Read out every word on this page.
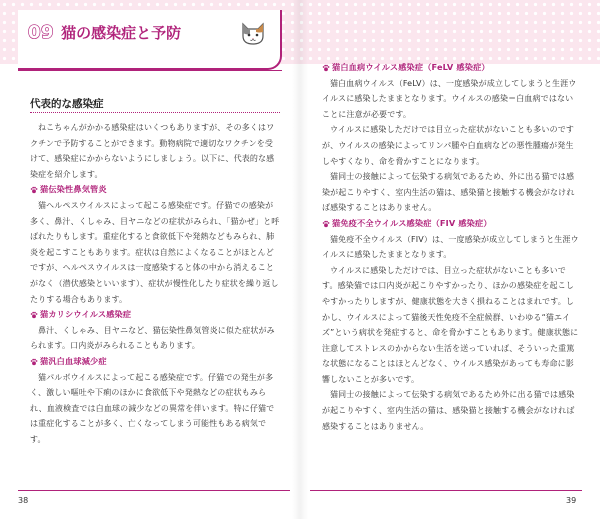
09 猫の感染症と予防
代表的な感染症

ねこちゃんがかかる感染症はいくつもありますが、その多くはワクチンで予防することができます。動物病院で適切なワクチンを受けて、感染症にかからないようにしましょう。以下に、代表的な感染症を紹介します。

猫伝染性鼻気管炎

猫ヘルペスウイルスによって起こる感染症です。仔猫での感染が多く、鼻汁、くしゃみ、目ヤニなどの症状がみられ、「猫かぜ」と呼ばれたりもします。重症化すると食欲低下や発熱などもみられ、肺炎を起こすこともあります。症状は自然によくなることがほとんどですが、ヘルペスウイルスは一度感染すると体の中から消えることがなく（潜伏感染といいます）、症状が慢性化したり症状を繰り返したりする場合もあります。

猫カリシウイルス感染症

鼻汁、くしゃみ、目ヤニなど、猫伝染性鼻気管炎に似た症状がみられます。口内炎がみられることもあります。

猫汎白血球減少症

猫パルボウイルスによって起こる感染症です。仔猫での発生が多く、激しい嘔吐や下痢のほかに食欲低下や発熱などの症状もみられ、血液検査では白血球の減少などの異常を伴います。特に仔猫では重症化することが多く、亡くなってしまう可能性もある病気です。

38
猫白血病ウイルス感染症（FeLV 感染症）

猫白血病ウイルス（FeLV）は、一度感染が成立してしまうと生涯ウイルスに感染したままとなります。ウイルスの感染＝白血病ではないことに注意が必要です。

ウイルスに感染しただけでは目立った症状がないことも多いのですが、ウイルスの感染によってリンパ腫や白血病などの悪性腫瘍が発生しやすくなり、命を脅かすことになります。

猫同士の接触によって伝染する病気であるため、外に出る猫では感染が起こりやすく、室内生活の猫は、感染猫と接触する機会がなければ感染することはありません。

猫免疫不全ウイルス感染症（FIV 感染症）

猫免疫不全ウイルス（FIV）は、一度感染が成立してしまうと生涯ウイルスに感染したままとなります。

ウイルスに感染しただけでは、目立った症状がないことも多いです。感染猫では口内炎が起こりやすかったり、ほかの感染症を起こしやすかったりしますが、健康状態を大きく損ねることはまれです。しかし、ウイルスによって猫後天性免疫不全症候群、いわゆる“猫エイズ”という病状を発症すると、命を脅かすこともあります。健康状態に注意してストレスのかからない生活を送っていれば、そういった重篤な状態になることはほとんどなく、ウイルス感染があっても寿命に影響しないことが多いです。

猫同士の接触によって伝染する病気であるため外に出る猫では感染が起こりやすく、室内生活の猫は、感染猫と接触する機会がなければ感染することはありません。

39
